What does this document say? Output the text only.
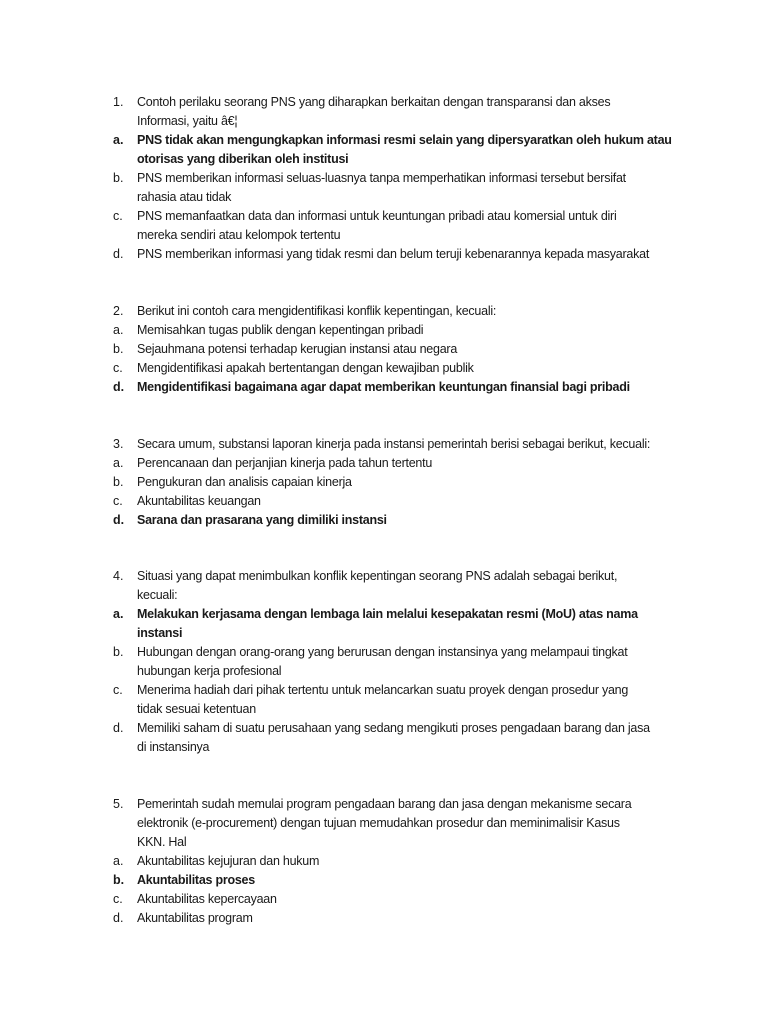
1. Contoh perilaku seorang PNS yang diharapkan berkaitan dengan transparansi dan akses
Informasi, yaitu â€¦
a. PNS tidak akan mengungkapkan informasi resmi selain yang dipersyaratkan oleh hukum atau
otorisas yang diberikan oleh institusi
b. PNS memberikan informasi seluas-luasnya tanpa memperhatikan informasi tersebut bersifat
rahasia atau tidak
c. PNS memanfaatkan data dan informasi untuk keuntungan pribadi atau komersial untuk diri
mereka sendiri atau kelompok tertentu
d. PNS memberikan informasi yang tidak resmi dan belum teruji kebenarannya kepada masyarakat
2. Berikut ini contoh cara mengidentifikasi konflik kepentingan, kecuali:
a. Memisahkan tugas publik dengan kepentingan pribadi
b. Sejauhmana potensi terhadap kerugian instansi atau negara
c. Mengidentifikasi apakah bertentangan dengan kewajiban publik
d. Mengidentifikasi bagaimana agar dapat memberikan keuntungan finansial bagi pribadi
3. Secara umum, substansi laporan kinerja pada instansi pemerintah berisi sebagai berikut, kecuali:
a. Perencanaan dan perjanjian kinerja pada tahun tertentu
b. Pengukuran dan analisis capaian kinerja
c. Akuntabilitas keuangan
d. Sarana dan prasarana yang dimiliki instansi
4. Situasi yang dapat menimbulkan konflik kepentingan seorang PNS adalah sebagai berikut,
kecuali:
a. Melakukan kerjasama dengan lembaga lain melalui kesepakatan resmi (MoU) atas nama
instansi
b. Hubungan dengan orang-orang yang berurusan dengan instansinya yang melampaui tingkat
hubungan kerja profesional
c. Menerima hadiah dari pihak tertentu untuk melancarkan suatu proyek dengan prosedur yang
tidak sesuai ketentuan
d. Memiliki saham di suatu perusahaan yang sedang mengikuti proses pengadaan barang dan jasa
di instansinya
5. Pemerintah sudah memulai program pengadaan barang dan jasa dengan mekanisme secara
elektronik (e-procurement) dengan tujuan memudahkan prosedur dan meminimalisir Kasus
KKN. Hal
a. Akuntabilitas kejujuran dan hukum
b. Akuntabilitas proses
c. Akuntabilitas kepercayaan
d. Akuntabilitas program
